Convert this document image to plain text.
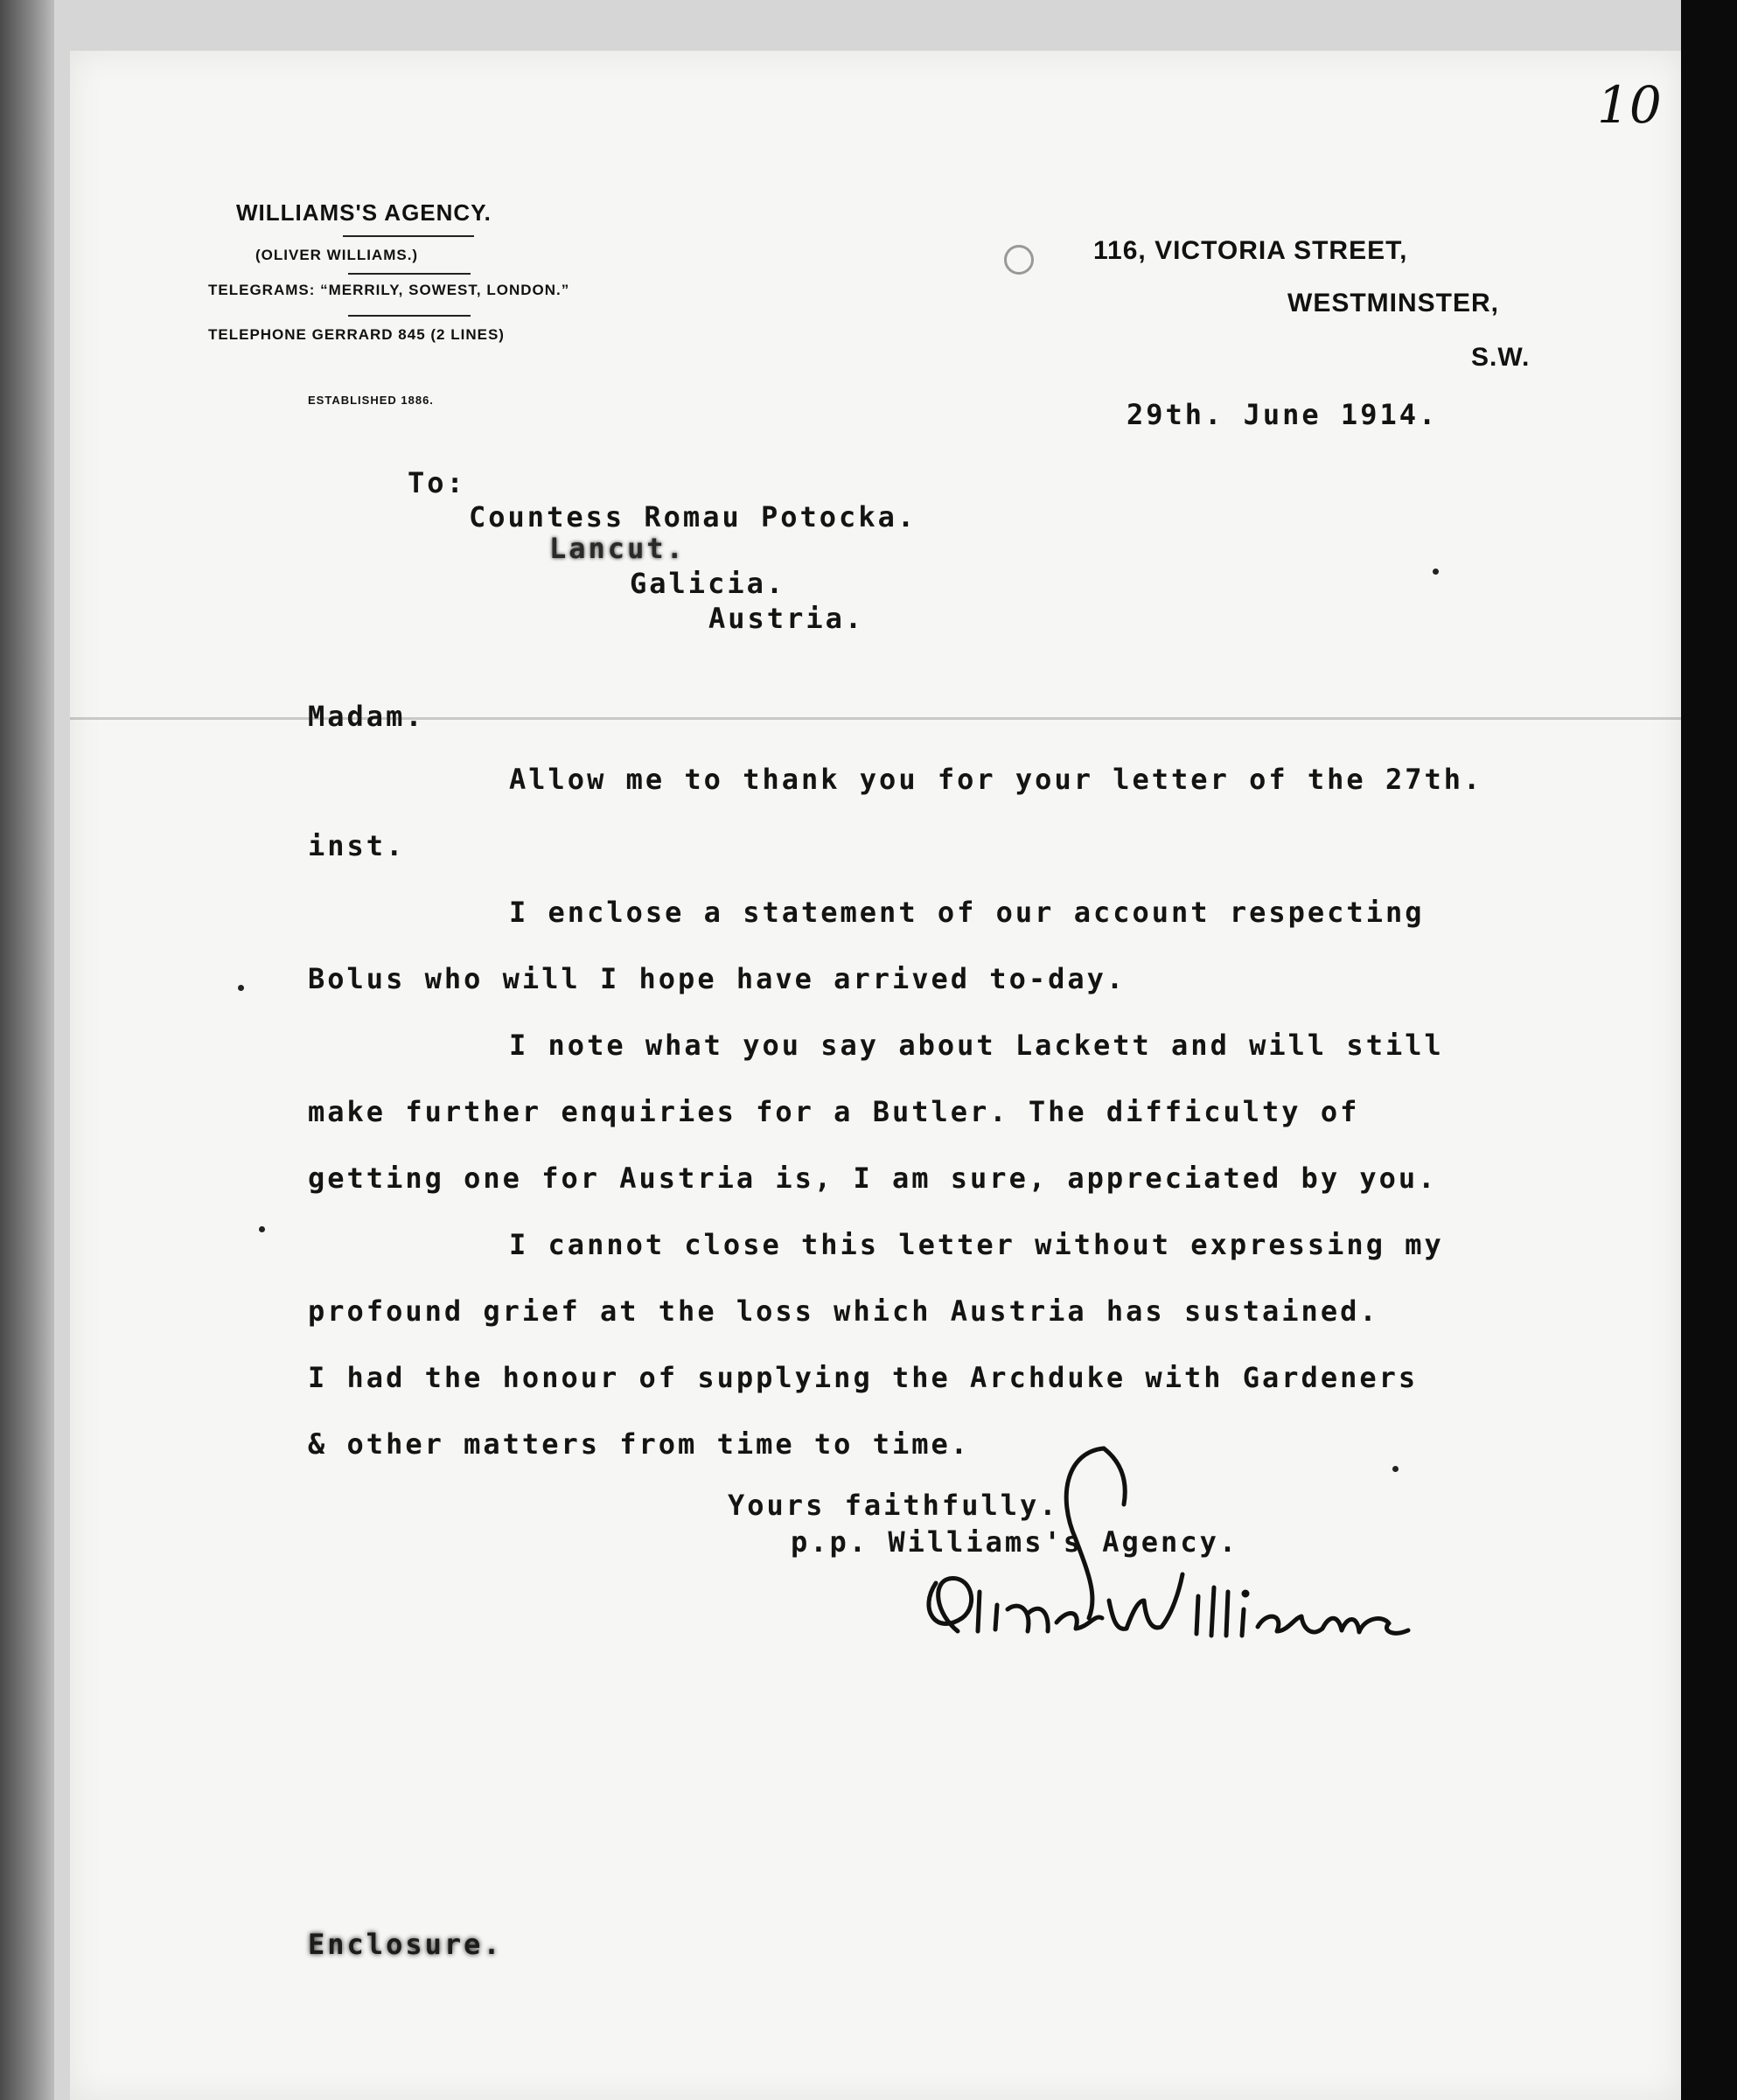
10
WILLIAMS'S AGENCY.
(OLIVER WILLIAMS.)
TELEGRAMS: “MERRILY, SOWEST, LONDON.”
TELEPHONE GERRARD 845 (2 LINES)
ESTABLISHED 1886.
116, VICTORIA STREET,
WESTMINSTER,
S.W.
29th. June 1914.
To:
Countess Romau Potocka.
Lancut.
Galicia.
Austria.
Madam.
Allow me to thank you for your letter of the 27th.
inst.
I enclose a statement of our account respecting
Bolus who will I hope have arrived to-day.
I note what you say about Lackett and will still
make further enquiries for a Butler. The difficulty of
getting one for Austria is, I am sure, appreciated by you.
I cannot close this letter without expressing my
profound grief at the loss which Austria has sustained.
I had the honour of supplying the Archduke with Gardeners
& other matters from time to time.
Yours faithfully.
p.p. Williams's Agency.
Enclosure.
